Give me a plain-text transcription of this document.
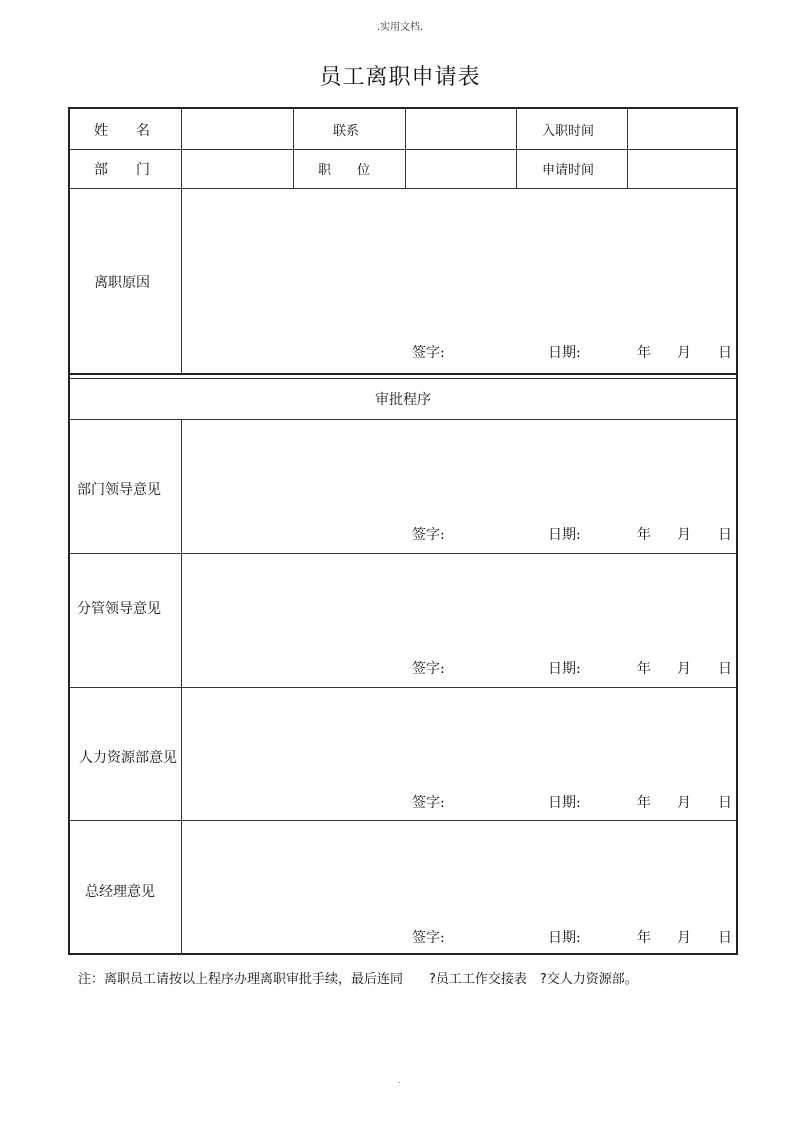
.实用文档.
员工离职申请表
姓　　名	联系	入职时间
部　　门	职　　位	申请时间
离职原因
签字:	日期:	年 月 日
审批程序
部门领导意见
签字:	日期:	年 月 日
分管领导意见
签字:	日期:	年 月 日
人力资源部意见
签字:	日期:	年 月 日
总经理意见
签字:	日期:	年 月 日
注：离职员工请按以上程序办理离职审批手续，最后连同　　?员工工作交接表　?交人力资源部。
.
